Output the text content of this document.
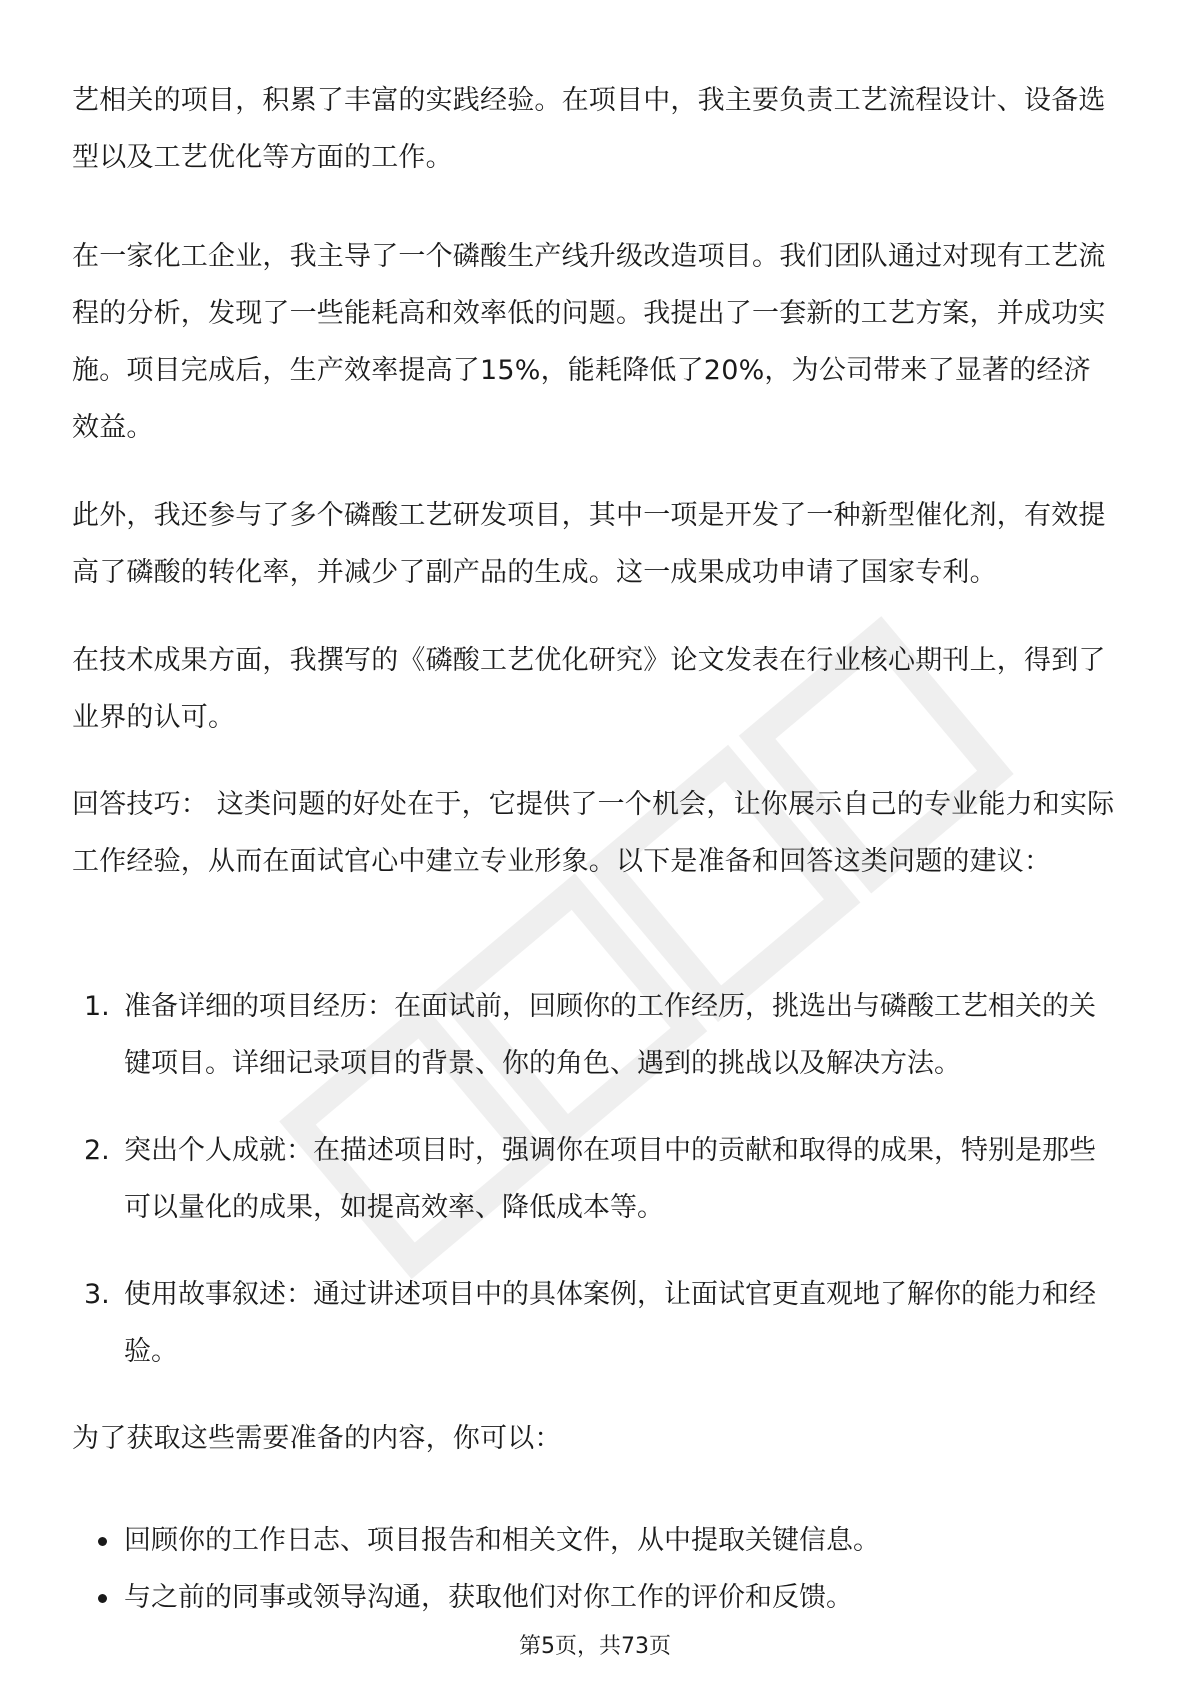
艺相关的项目，积累了丰富的实践经验。在项目中，我主要负责工艺流程设计、设备选型以及工艺优化等方面的工作。

在一家化工企业，我主导了一个磷酸生产线升级改造项目。我们团队通过对现有工艺流程的分析，发现了一些能耗高和效率低的问题。我提出了一套新的工艺方案，并成功实施。项目完成后，生产效率提高了15%，能耗降低了20%，为公司带来了显著的经济效益。

此外，我还参与了多个磷酸工艺研发项目，其中一项是开发了一种新型催化剂，有效提高了磷酸的转化率，并减少了副产品的生成。这一成果成功申请了国家专利。

在技术成果方面，我撰写的《磷酸工艺优化研究》论文发表在行业核心期刊上，得到了业界的认可。

回答技巧： 这类问题的好处在于，它提供了一个机会，让你展示自己的专业能力和实际工作经验，从而在面试官心中建立专业形象。以下是准备和回答这类问题的建议：

1. 准备详细的项目经历：在面试前，回顾你的工作经历，挑选出与磷酸工艺相关的关键项目。详细记录项目的背景、你的角色、遇到的挑战以及解决方法。
2. 突出个人成就：在描述项目时，强调你在项目中的贡献和取得的成果，特别是那些可以量化的成果，如提高效率、降低成本等。
3. 使用故事叙述：通过讲述项目中的具体案例，让面试官更直观地了解你的能力和经验。

为了获取这些需要准备的内容，你可以：

回顾你的工作日志、项目报告和相关文件，从中提取关键信息。
与之前的同事或领导沟通，获取他们对你工作的评价和反馈。
第5页，共73页
